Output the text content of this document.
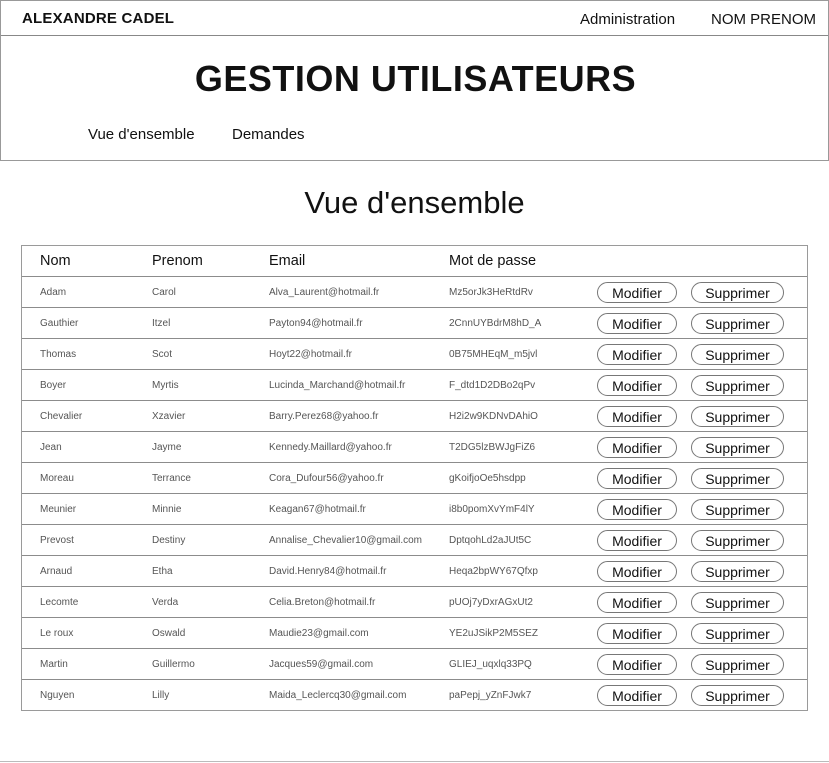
ALEXANDRE CADEL	Administration NOM PRENOM
GESTION UTILISATEURS
Vue d'ensemble Demandes
Vue d'ensemble
Nom	Prenom	Email	Mot de passe
Adam	Carol	Alva_Laurent@hotmail.fr	Mz5orJk3HeRtdRv	Modifier	Supprimer
Gauthier	Itzel	Payton94@hotmail.fr	2CnnUYBdrM8hD_A	Modifier	Supprimer
Thomas	Scot	Hoyt22@hotmail.fr	0B75MHEqM_m5jvl	Modifier	Supprimer
Boyer	Myrtis	Lucinda_Marchand@hotmail.fr	F_dtd1D2DBo2qPv	Modifier	Supprimer
Chevalier	Xzavier	Barry.Perez68@yahoo.fr	H2i2w9KDNvDAhiO	Modifier	Supprimer
Jean	Jayme	Kennedy.Maillard@yahoo.fr	T2DG5lzBWJgFiZ6	Modifier	Supprimer
Moreau	Terrance	Cora_Dufour56@yahoo.fr	gKoifjoOe5hsdpp	Modifier	Supprimer
Meunier	Minnie	Keagan67@hotmail.fr	i8b0pomXvYmF4lY	Modifier	Supprimer
Prevost	Destiny	Annalise_Chevalier10@gmail.com	DptqohLd2aJUt5C	Modifier	Supprimer
Arnaud	Etha	David.Henry84@hotmail.fr	Heqa2bpWY67Qfxp	Modifier	Supprimer
Lecomte	Verda	Celia.Breton@hotmail.fr	pUOj7yDxrAGxUt2	Modifier	Supprimer
Le roux	Oswald	Maudie23@gmail.com	YE2uJSikP2M5SEZ	Modifier	Supprimer
Martin	Guillermo	Jacques59@gmail.com	GLIEJ_uqxlq33PQ	Modifier	Supprimer
Nguyen	Lilly	Maida_Leclercq30@gmail.com	paPepj_yZnFJwk7	Modifier	Supprimer
